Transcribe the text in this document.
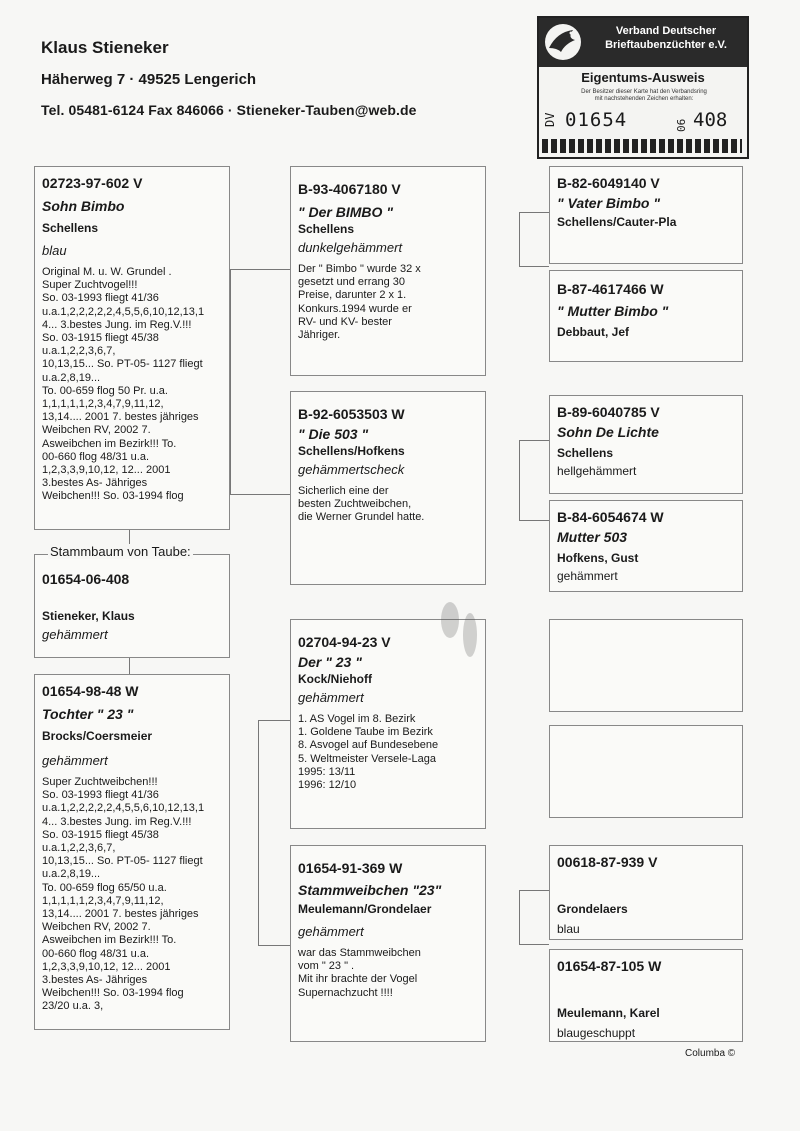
Klaus Stieneker
Häherweg 7 · 49525 Lengerich
Tel. 05481-6124 Fax 846066 · Stieneker-Tauben@web.de
Verband Deutscher
Brieftaubenzüchter e.V.
Eigentums-Ausweis
Der Besitzer dieser Karte hat den Verbandsring
mit nachstehenden Zeichen erhalten:
DV 01654	06 408
02723-97-602 V
Sohn Bimbo
Schellens
blau
Original M. u. W. Grundel .
Super Zuchtvogel!!!
So. 03-1993 fliegt 41/36
u.a.1,2,2,2,2,2,4,5,5,6,10,12,13,1
4... 3.bestes Jung. im Reg.V.!!!
So. 03-1915 fliegt 45/38
u.a.1,2,2,3,6,7,
10,13,15... So. PT-05- 1127 fliegt
u.a.2,8,19...
To. 00-659 flog 50 Pr. u.a.
1,1,1,1,1,2,3,4,7,9,11,12,
13,14.... 2001 7. bestes jähriges
Weibchen RV, 2002 7.
Asweibchen im Bezirk!!! To.
00-660 flog 48/31 u.a.
1,2,3,3,9,10,12, 12... 2001
3.bestes As- Jähriges
Weibchen!!! So. 03-1994 flog
01654-06-408
Stieneker, Klaus
gehämmert
Stammbaum von Taube:
01654-98-48 W
Tochter " 23 "
Brocks/Coersmeier
gehämmert
Super Zuchtweibchen!!!
So. 03-1993 fliegt 41/36
u.a.1,2,2,2,2,2,4,5,5,6,10,12,13,1
4... 3.bestes Jung. im Reg.V.!!!
So. 03-1915 fliegt 45/38
u.a.1,2,2,3,6,7,
10,13,15... So. PT-05- 1127 fliegt
u.a.2,8,19...
To. 00-659 flog 65/50 u.a.
1,1,1,1,1,2,3,4,7,9,11,12,
13,14.... 2001 7. bestes jähriges
Weibchen RV, 2002 7.
Asweibchen im Bezirk!!! To.
00-660 flog 48/31 u.a.
1,2,3,3,9,10,12, 12... 2001
3.bestes As- Jähriges
Weibchen!!! So. 03-1994 flog
23/20 u.a. 3,
B-93-4067180 V
" Der BIMBO "
Schellens
dunkelgehämmert
Der " Bimbo " wurde 32 x
gesetzt und errang 30
Preise, darunter 2 x 1.
Konkurs.1994 wurde er
RV- und KV- bester
Jähriger.
B-92-6053503 W
" Die 503 "
Schellens/Hofkens
gehämmertscheck
Sicherlich eine der
besten Zuchtweibchen,
die Werner Grundel hatte.
02704-94-23 V
Der " 23 "
Kock/Niehoff
gehämmert
1. AS Vogel im 8. Bezirk
1. Goldene Taube im Bezirk
8. Asvogel auf Bundesebene
5. Weltmeister Versele-Laga
1995: 13/11
1996: 12/10
01654-91-369 W
Stammweibchen "23"
Meulemann/Grondelaer
gehämmert
war das Stammweibchen
vom " 23 " .
Mit ihr brachte der Vogel
Supernachzucht !!!!
B-82-6049140 V
" Vater Bimbo "
Schellens/Cauter-Pla
B-87-4617466 W
" Mutter Bimbo "
Debbaut, Jef
B-89-6040785 V
Sohn De Lichte
Schellens
hellgehämmert
B-84-6054674 W
Mutter 503
Hofkens, Gust
gehämmert
00618-87-939 V
Grondelaers
blau
01654-87-105 W
Meulemann, Karel
blaugeschuppt
Columba ©
